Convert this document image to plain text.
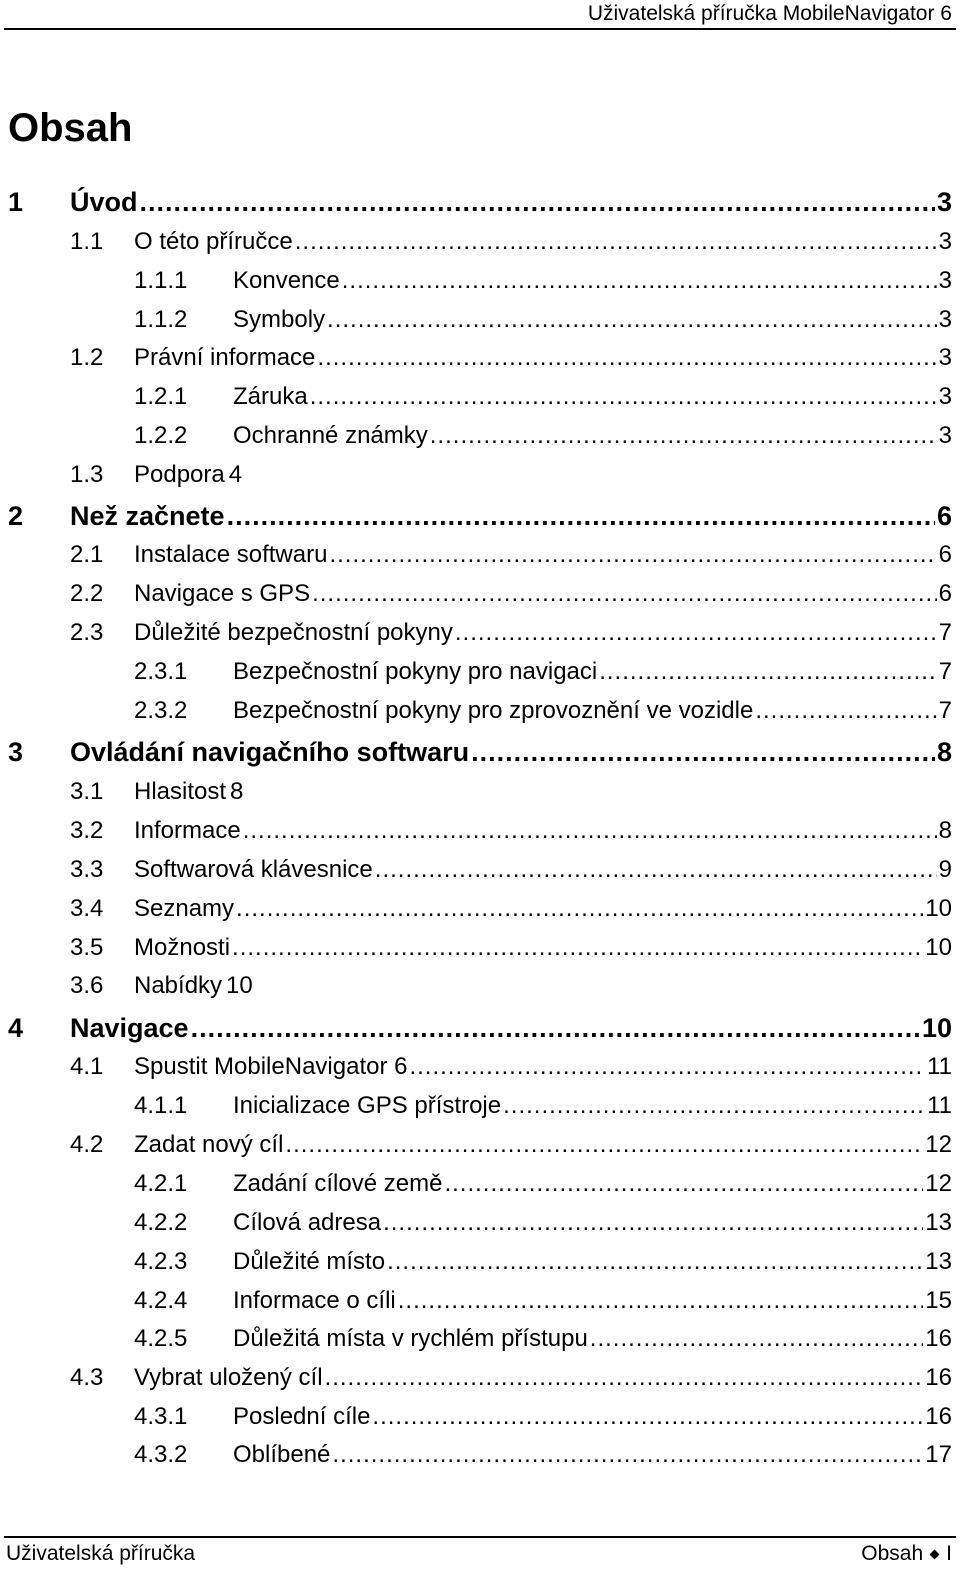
Uživatelská příručka MobileNavigator 6
Obsah
1 Úvod .....	3
1.1 O této příručce .....	3
1.1.1 Konvence .....	3
1.1.2 Symboly .....	3
1.2 Právní informace .....	3
1.2.1 Záruka .....	3
1.2.2 Ochranné známky .....	3
1.3 Podpora 4
2 Než začnete .....	6
2.1 Instalace softwaru .....	6
2.2 Navigace s GPS .....	6
2.3 Důležité bezpečnostní pokyny .....	7
2.3.1 Bezpečnostní pokyny pro navigaci .....	7
2.3.2 Bezpečnostní pokyny pro zprovoznění ve vozidle .....	7
3 Ovládání navigačního softwaru .....	8
3.1 Hlasitost 8
3.2 Informace .....	8
3.3 Softwarová klávesnice .....	9
3.4 Seznamy .....	10
3.5 Možnosti .....	10
3.6 Nabídky 10
4 Navigace .....	10
4.1 Spustit MobileNavigator 6 .....	11
4.1.1 Inicializace GPS přístroje .....	11
4.2 Zadat nový cíl .....	12
4.2.1 Zadání cílové země .....	12
4.2.2 Cílová adresa .....	13
4.2.3 Důležité místo .....	13
4.2.4 Informace o cíli .....	15
4.2.5 Důležitá místa v rychlém přístupu .....	16
4.3 Vybrat uložený cíl .....	16
4.3.1 Poslední cíle .....	16
4.3.2 Oblíbené .....	17
Uživatelská příručka	Obsah I
